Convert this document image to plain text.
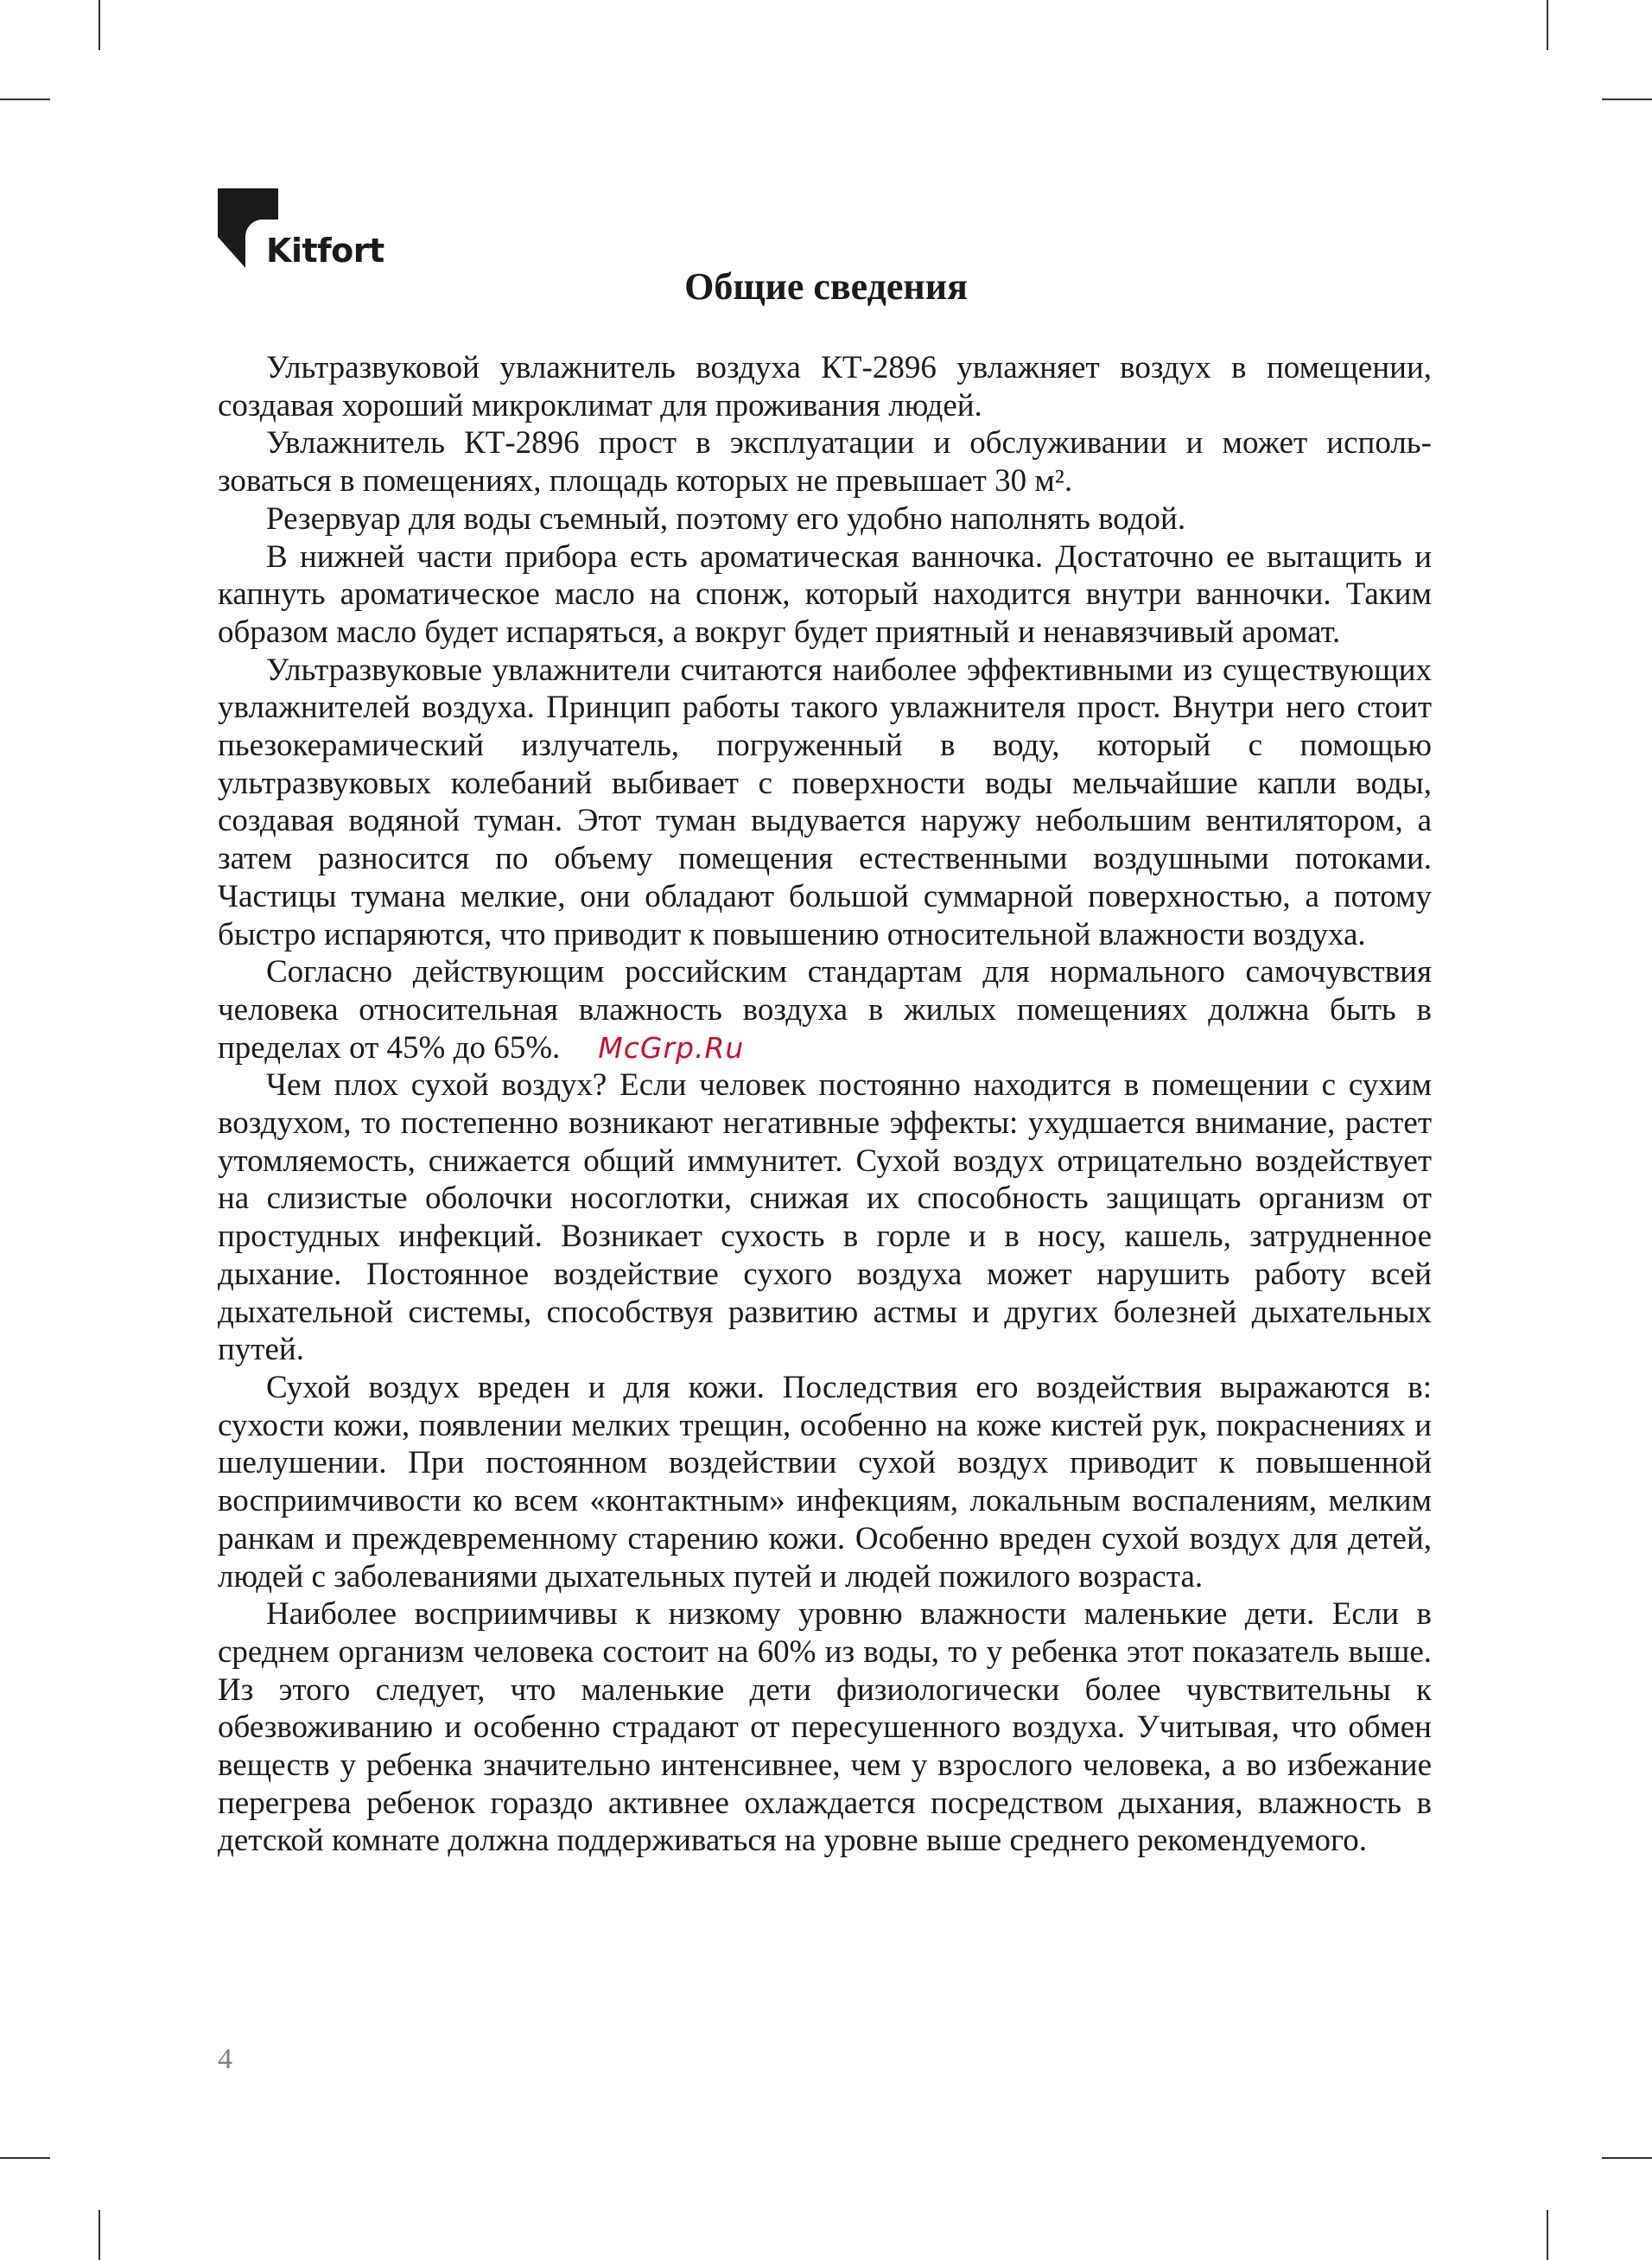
Kitfort
Общие сведения

Ультразвуковой увлажнитель воздуха КТ-2896 увлажняет воздух в помещении, создавая хороший микроклимат для проживания людей.

Увлажнитель КТ-2896 прост в эксплуатации и обслуживании и может использоваться в помещениях, площадь которых не превышает 30 м².

Резервуар для воды съемный, поэтому его удобно наполнять водой.

В нижней части прибора есть ароматическая ванночка. Достаточно ее вытащить и капнуть ароматическое масло на спонж, который находится внутри ванночки. Таким образом масло будет испаряться, а вокруг будет приятный и ненавязчивый аромат.

Ультразвуковые увлажнители считаются наиболее эффективными из существующих увлажнителей воздуха. Принцип работы такого увлажнителя прост. Внутри него стоит пьезокерамический излучатель, погруженный в воду, который с помощью ультразвуковых колебаний выбивает с поверхности воды мельчайшие капли воды, создавая водяной туман. Этот туман выдувается наружу небольшим вентилятором, а затем разносится по объему помещения естественными воздушными потоками. Частицы тумана мелкие, они обладают большой суммарной поверхностью, а потому быстро испаряются, что приводит к повышению относительной влажности воздуха.

Согласно действующим российским стандартам для нормального самочувствия человека относительная влажность воздуха в жилых помещениях должна быть в пределах от 45% до 65%. McGrp.Ru

Чем плох сухой воздух? Если человек постоянно находится в помещении с сухим воздухом, то постепенно возникают негативные эффекты: ухудшается внимание, растет утомляемость, снижается общий иммунитет. Сухой воздух отрицательно воздействует на слизистые оболочки носоглотки, снижая их способность защищать организм от простудных инфекций. Возникает сухость в горле и в носу, кашель, затрудненное дыхание. Постоянное воздействие сухого воздуха может нарушить работу всей дыхательной системы, способствуя развитию астмы и других болезней дыхательных путей.

Сухой воздух вреден и для кожи. Последствия его воздействия выражаются в: сухости кожи, появлении мелких трещин, особенно на коже кистей рук, покраснениях и шелушении. При постоянном воздействии сухой воздух приводит к повышенной восприимчивости ко всем «контактным» инфекциям, локальным воспалениям, мелким ранкам и преждевременному старению кожи. Особенно вреден сухой воздух для детей, людей с заболеваниями дыхательных путей и людей пожилого возраста.

Наиболее восприимчивы к низкому уровню влажности маленькие дети. Если в среднем организм человека состоит на 60% из воды, то у ребенка этот показатель выше. Из этого следует, что маленькие дети физиологически более чувствительны к обезвоживанию и особенно страдают от пересушенного воздуха. Учитывая, что обмен веществ у ребенка значительно интенсивнее, чем у взрослого человека, а во избежание перегрева ребенок гораздо активнее охлаждается посредством дыхания, влажность в детской комнате должна поддерживаться на уровне выше среднего рекомендуемого.

4
